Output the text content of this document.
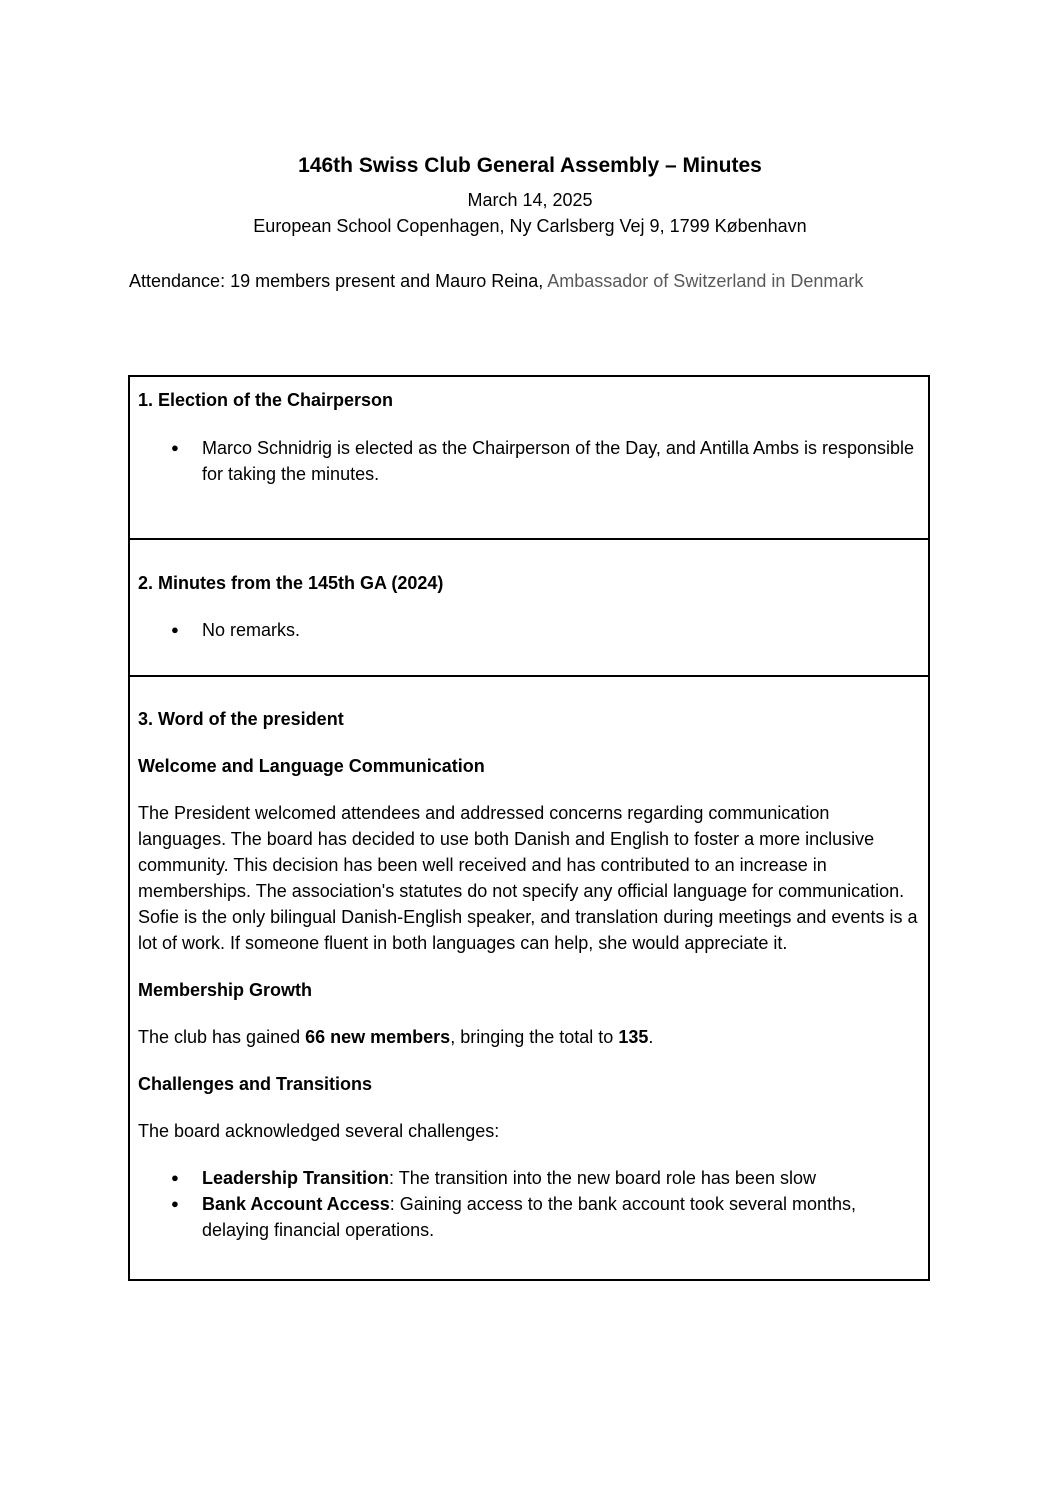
146th Swiss Club General Assembly – Minutes
March 14, 2025
European School Copenhagen, Ny Carlsberg Vej 9, 1799 København
Attendance: 19 members present and Mauro Reina, Ambassador of Switzerland in Denmark

1. Election of the Chairperson

● Marco Schnidrig is elected as the Chairperson of the Day, and Antilla Ambs is responsible for taking the minutes.

2. Minutes from the 145th GA (2024)

● No remarks.

3. Word of the president

Welcome and Language Communication

The President welcomed attendees and addressed concerns regarding communication languages. The board has decided to use both Danish and English to foster a more inclusive community. This decision has been well received and has contributed to an increase in memberships. The association's statutes do not specify any official language for communication. Sofie is the only bilingual Danish-English speaker, and translation during meetings and events is a lot of work. If someone fluent in both languages can help, she would appreciate it.

Membership Growth

The club has gained 66 new members, bringing the total to 135.

Challenges and Transitions

The board acknowledged several challenges:

● Leadership Transition: The transition into the new board role has been slow
● Bank Account Access: Gaining access to the bank account took several months, delaying financial operations.
